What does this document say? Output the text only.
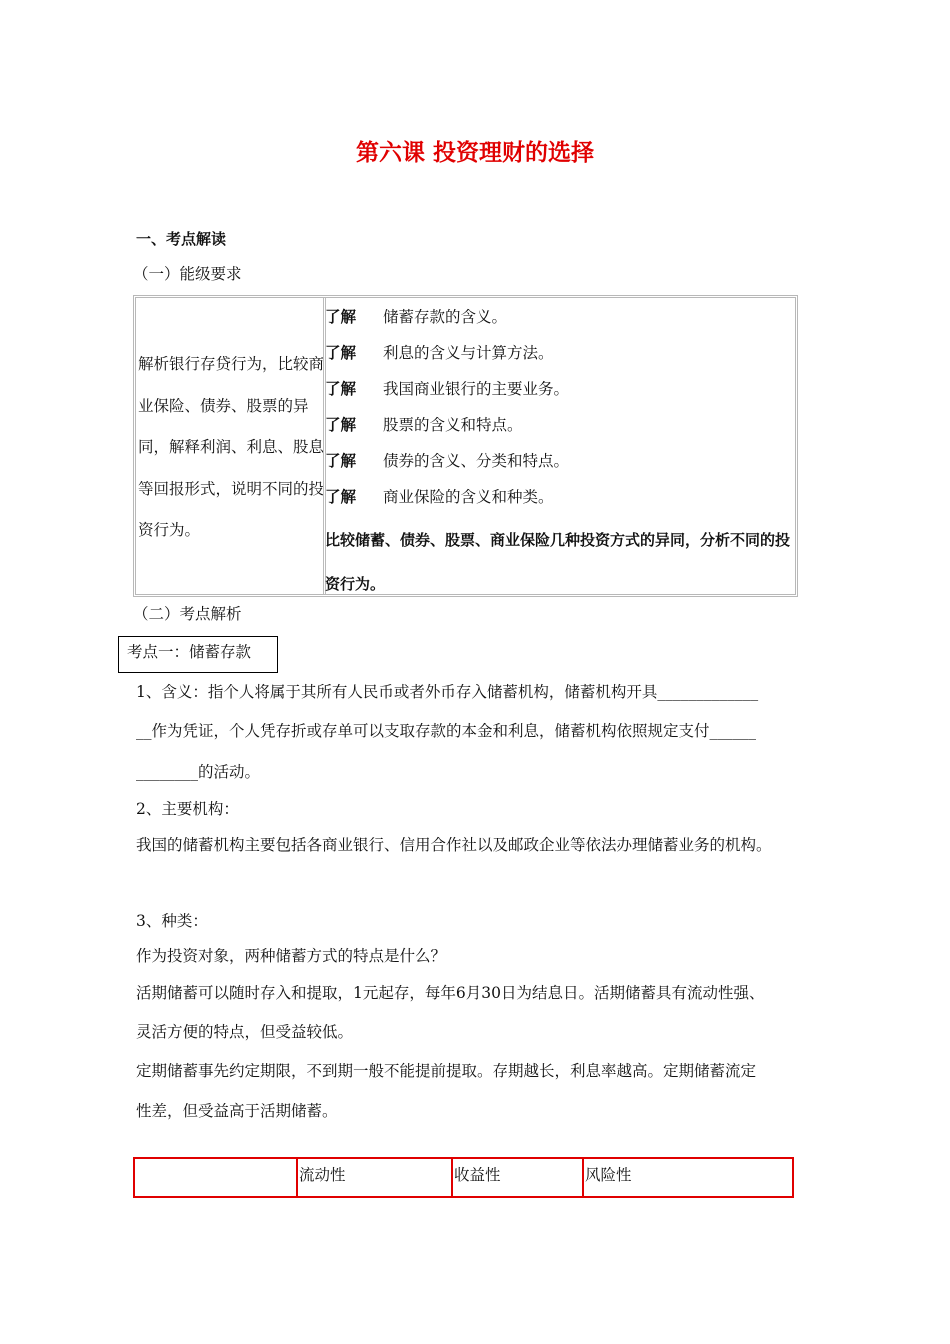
第六课 投资理财的选择
一、考点解读
（一）能级要求
解析银行存贷行为，比较商业保险、债券、股票的异同，解释利润、利息、股息等回报形式，说明不同的投资行为。
了解 储蓄存款的含义。
了解 利息的含义与计算方法。
了解 我国商业银行的主要业务。
了解 股票的含义和特点。
了解 债券的含义、分类和特点。
了解 商业保险的含义和种类。
比较储蓄、债券、股票、商业保险几种投资方式的异同，分析不同的投资行为。
（二）考点解析
考点一：储蓄存款
1、含义：指个人将属于其所有人民币或者外币存入储蓄机构，储蓄机构开具_____________
__作为凭证，个人凭存折或存单可以支取存款的本金和利息，储蓄机构依照规定支付______
________的活动。
2、主要机构：
我国的储蓄机构主要包括各商业银行、信用合作社以及邮政企业等依法办理储蓄业务的机构。
3、种类：
作为投资对象，两种储蓄方式的特点是什么？
活期储蓄可以随时存入和提取，1元起存，每年6月30日为结息日。活期储蓄具有流动性强、
灵活方便的特点，但受益较低。
定期储蓄事先约定期限，不到期一般不能提前提取。存期越长，利息率越高。定期储蓄流定
性差，但受益高于活期储蓄。
流动性	收益性	风险性
